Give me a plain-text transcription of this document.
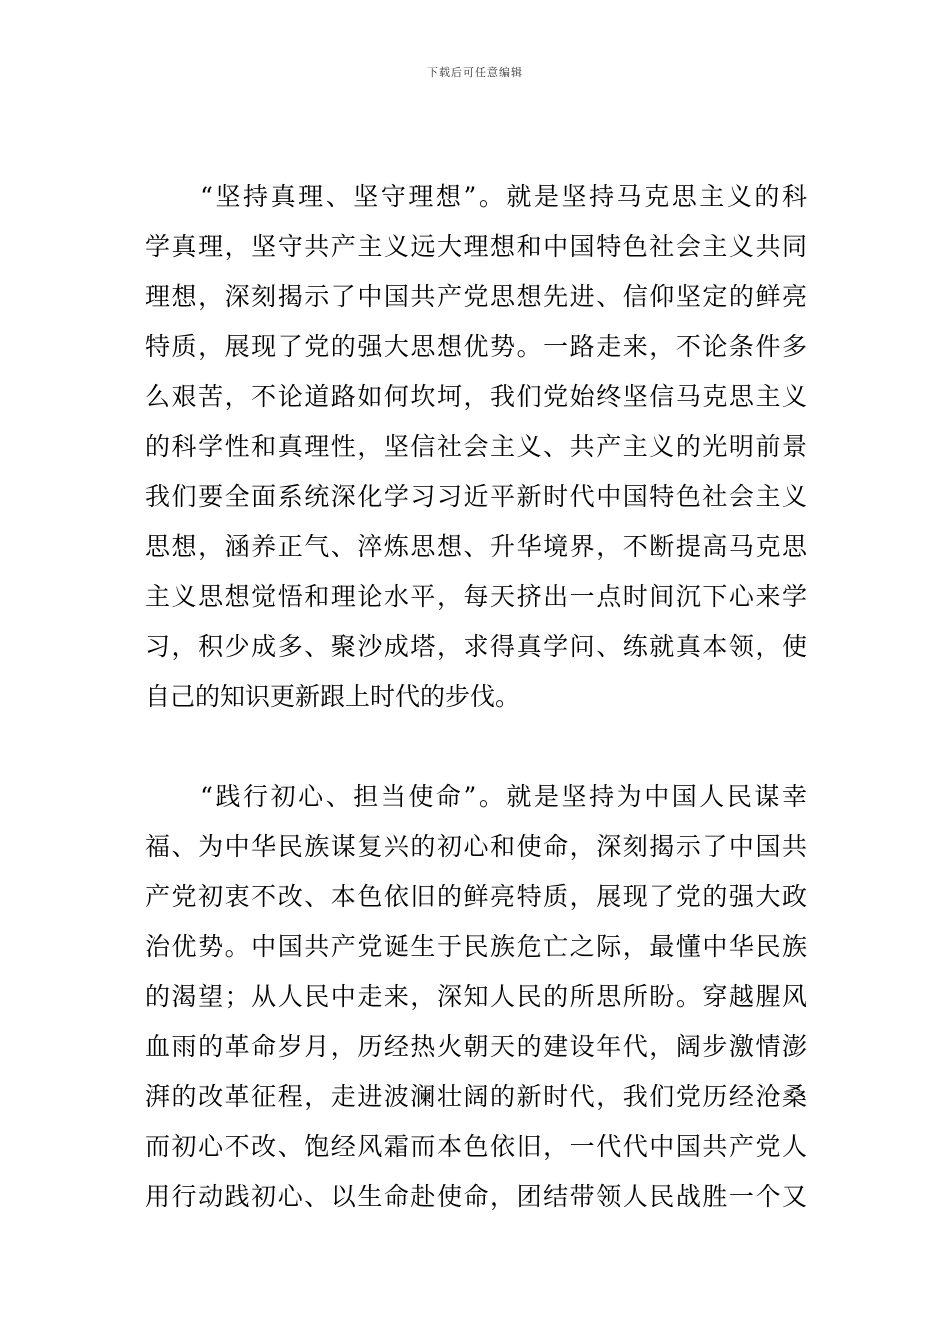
下载后可任意编辑
　　“坚持真理、坚守理想”。就是坚持马克思主义的科
学真理，坚守共产主义远大理想和中国特色社会主义共同
理想，深刻揭示了中国共产党思想先进、信仰坚定的鲜亮
特质，展现了党的强大思想优势。一路走来，不论条件多
么艰苦，不论道路如何坎坷，我们党始终坚信马克思主义
的科学性和真理性，坚信社会主义、共产主义的光明前景
我们要全面系统深化学习习近平新时代中国特色社会主义
思想，涵养正气、淬炼思想、升华境界，不断提高马克思
主义思想觉悟和理论水平，每天挤出一点时间沉下心来学
习，积少成多、聚沙成塔，求得真学问、练就真本领，使
自己的知识更新跟上时代的步伐。
　　“践行初心、担当使命”。就是坚持为中国人民谋幸
福、为中华民族谋复兴的初心和使命，深刻揭示了中国共
产党初衷不改、本色依旧的鲜亮特质，展现了党的强大政
治优势。中国共产党诞生于民族危亡之际，最懂中华民族
的渴望；从人民中走来，深知人民的所思所盼。穿越腥风
血雨的革命岁月，历经热火朝天的建设年代，阔步激情澎
湃的改革征程，走进波澜壮阔的新时代，我们党历经沧桑
而初心不改、饱经风霜而本色依旧，一代代中国共产党人
用行动践初心、以生命赴使命，团结带领人民战胜一个又
